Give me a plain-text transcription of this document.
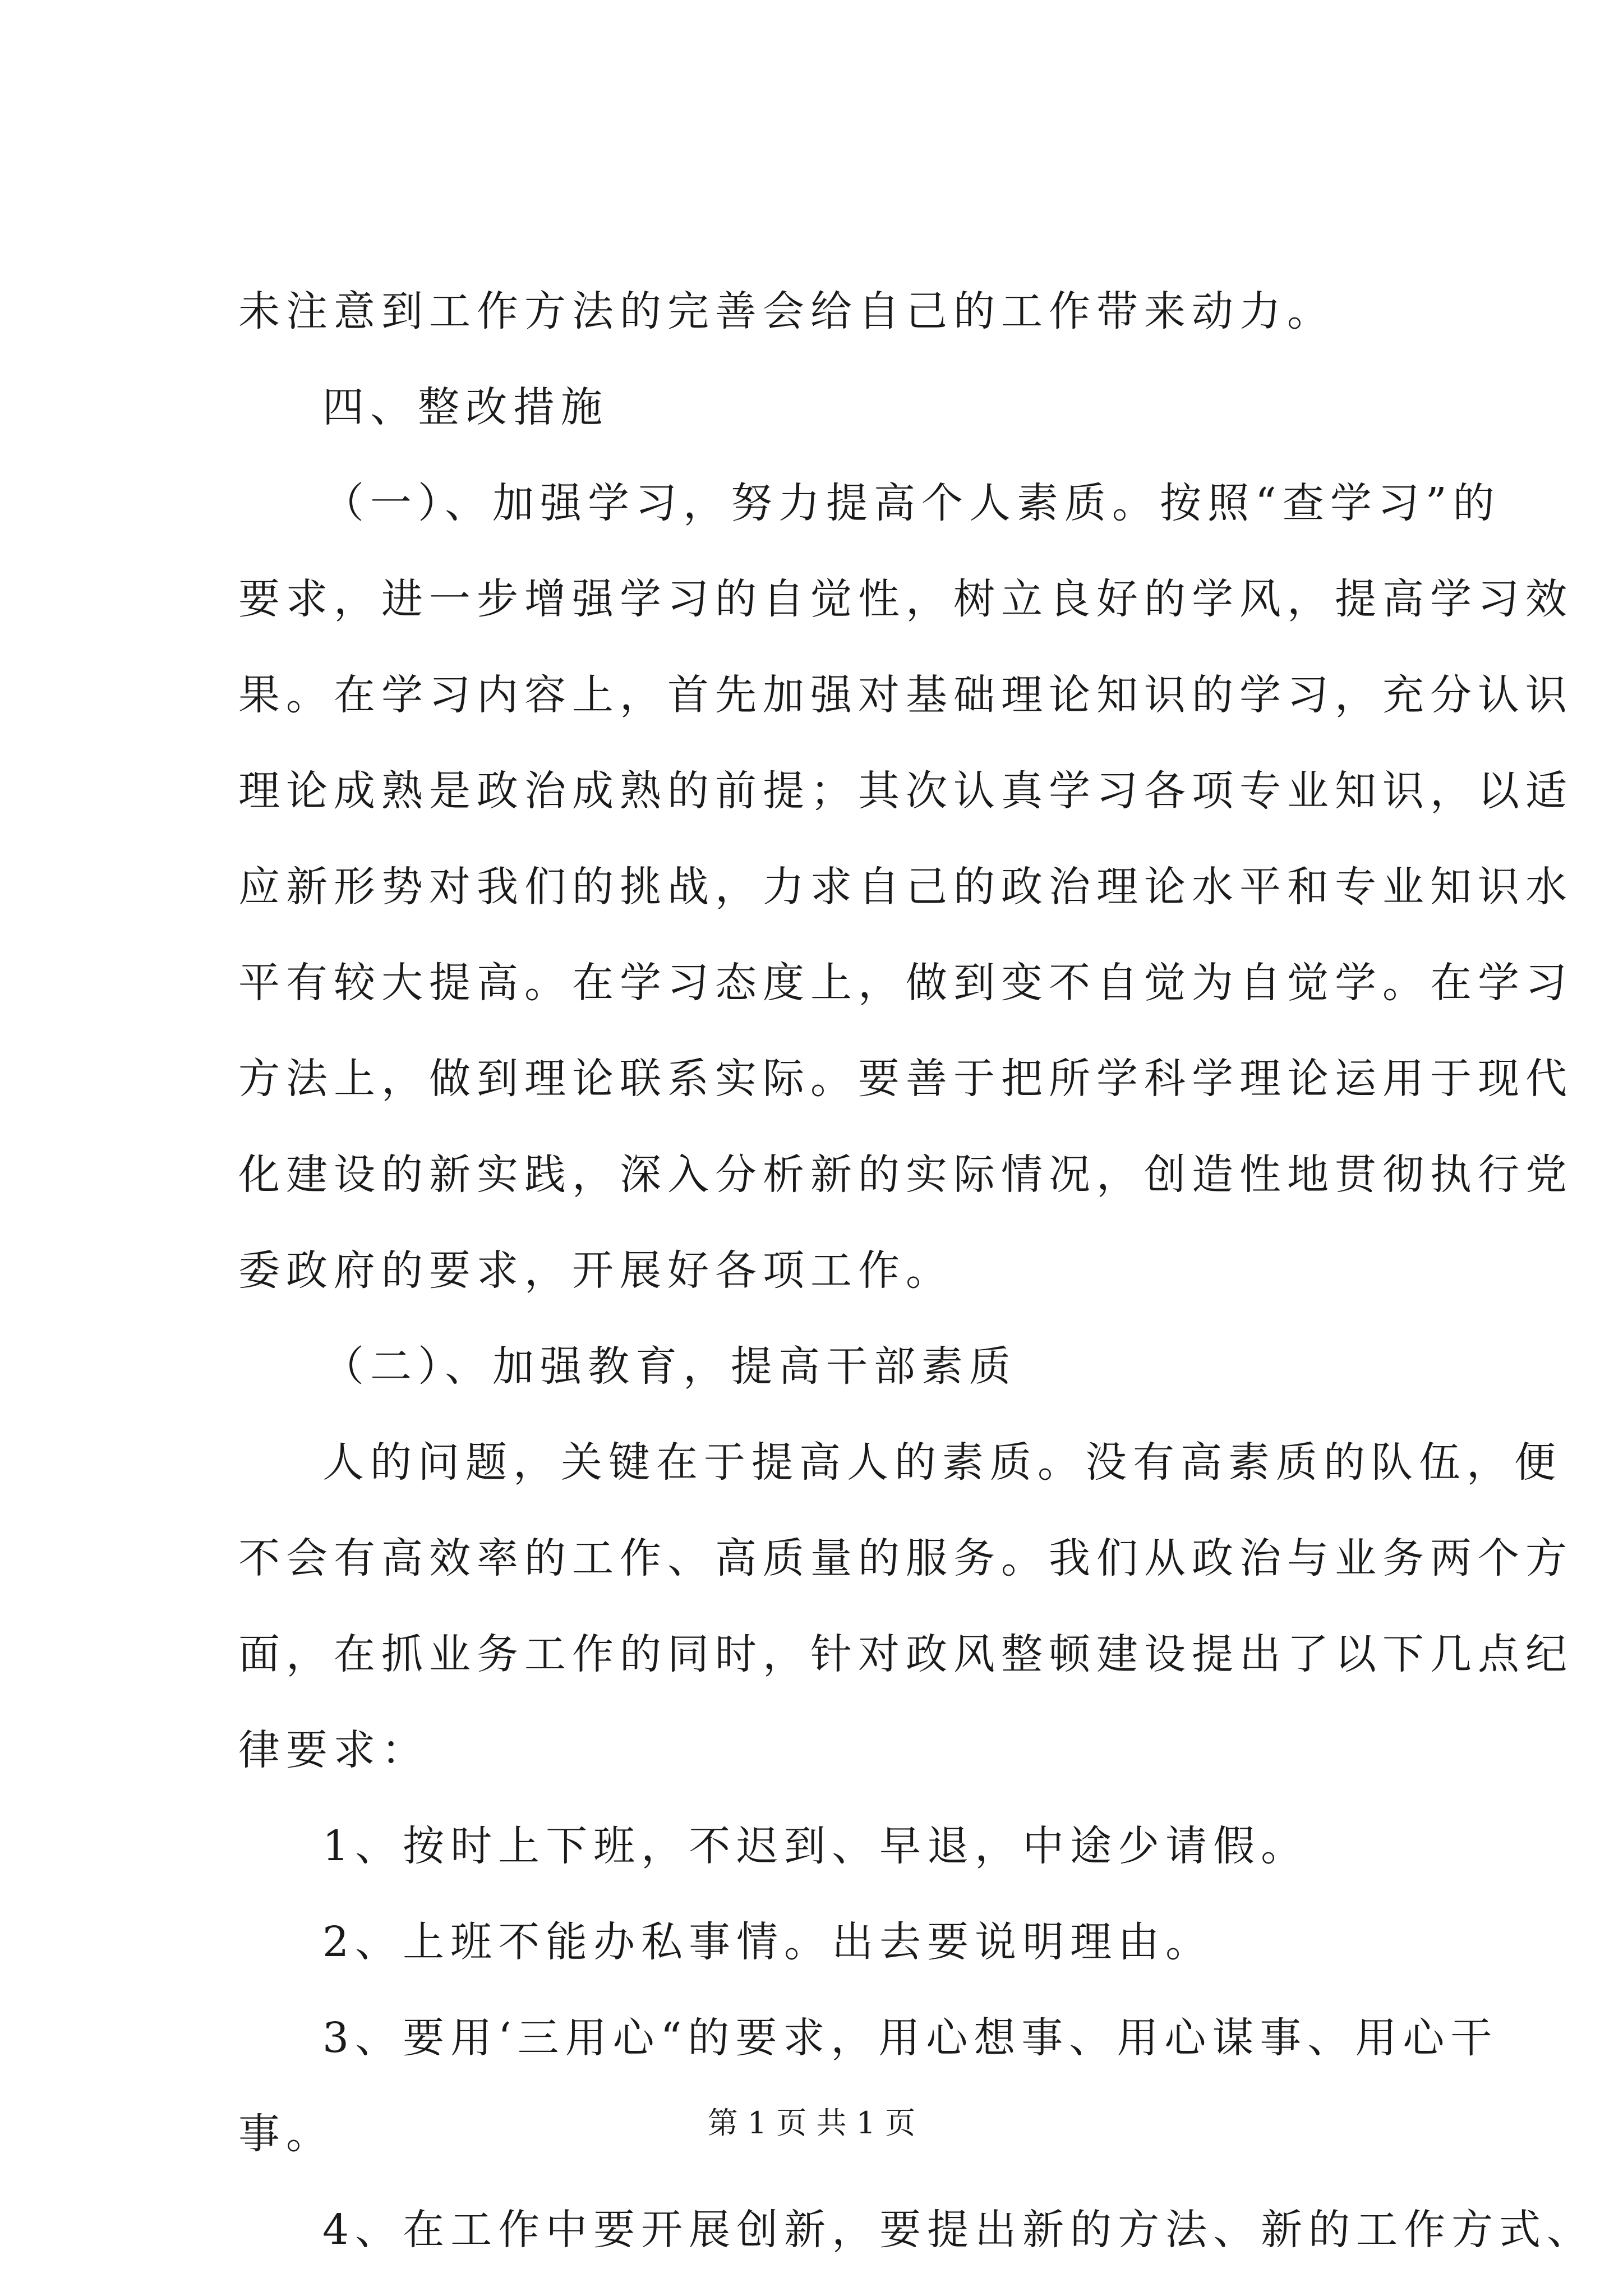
未注意到工作方法的完善会给自己的工作带来动力。
四、整改措施
（一）、加强学习，努力提高个人素质。按照“查学习”的
要求，进一步增强学习的自觉性，树立良好的学风，提高学习效
果。在学习内容上，首先加强对基础理论知识的学习，充分认识
理论成熟是政治成熟的前提；其次认真学习各项专业知识，以适
应新形势对我们的挑战，力求自己的政治理论水平和专业知识水
平有较大提高。在学习态度上，做到变不自觉为自觉学。在学习
方法上，做到理论联系实际。要善于把所学科学理论运用于现代
化建设的新实践，深入分析新的实际情况，创造性地贯彻执行党
委政府的要求，开展好各项工作。
（二）、加强教育，提高干部素质
人的问题，关键在于提高人的素质。没有高素质的队伍，便
不会有高效率的工作、高质量的服务。我们从政治与业务两个方
面，在抓业务工作的同时，针对政风整顿建设提出了以下几点纪
律要求：
1、按时上下班，不迟到、早退，中途少请假。
2、上班不能办私事情。出去要说明理由。
3、要用‘三用心“的要求，用心想事、用心谋事、用心干
事。
4、在工作中要开展创新，要提出新的方法、新的工作方式、
第 1 页 共 1 页
